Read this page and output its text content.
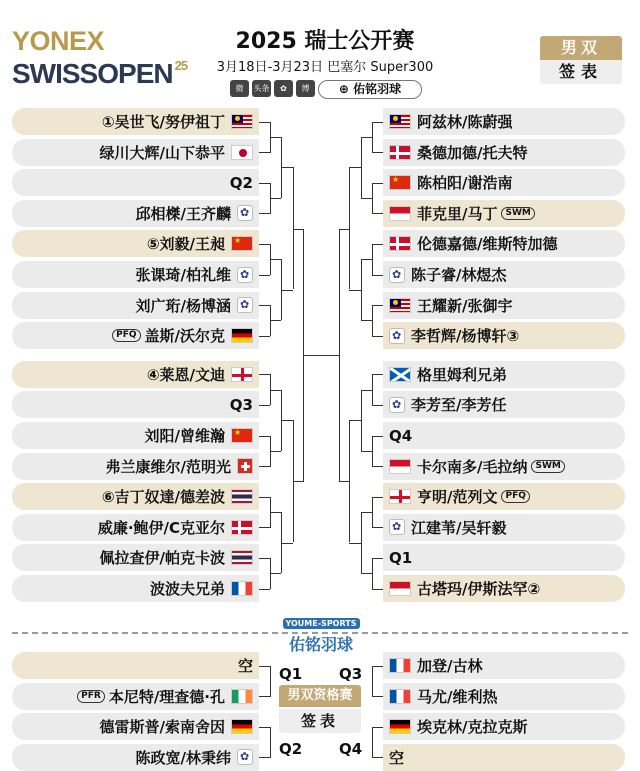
YONEX
SWISSOPEN $^{25}$
2025 瑞士公开赛
3月18日-3月23日 巴塞尔 Super300
微	头条	✿	博	⊕ 佑铭羽球
男双
签表
①吴世飞/努伊祖丁
绿川大辉/山下恭平
Q2
邱相榤/王齐麟
✿
⑤刘毅/王昶
★
张课琦/柏礼维
✿
刘广珩/杨博涵
✿
PFQ 盖斯/沃尔克
④莱恩/文迪
Q3
刘阳/曾维瀚
★
弗兰康维尔/范明光
⑥吉丁奴達/德差波
威廉·鲍伊/C克亚尔
佩拉查伊/帕克卡波
波波夫兄弟
阿兹林/陈蔚强
桑德加德/托夫特
★
陈柏阳/谢浩南
菲克里/马丁 SWM
伦德嘉德/维斯特加德
✿
陈子睿/林煜杰
王耀新/张御宇
✿
李哲辉/杨博轩③
格里姆利兄弟
✿
李芳至/李芳任
Q4
卡尔南多/毛拉纳 SWM
亨明/范列文 PFQ
✿
江建苇/吴轩毅
Q1
古塔玛/伊斯法罕②
YOUME-SPORTS
佑铭羽球
空
PFR 本尼特/理查德·孔
德雷斯普/索南舍因
陈政宽/林秉纬
✿
加登/古林
马尤/维利热
埃克林/克拉克斯
空
男双资格赛
签表
Q1
Q2
Q3
Q4
